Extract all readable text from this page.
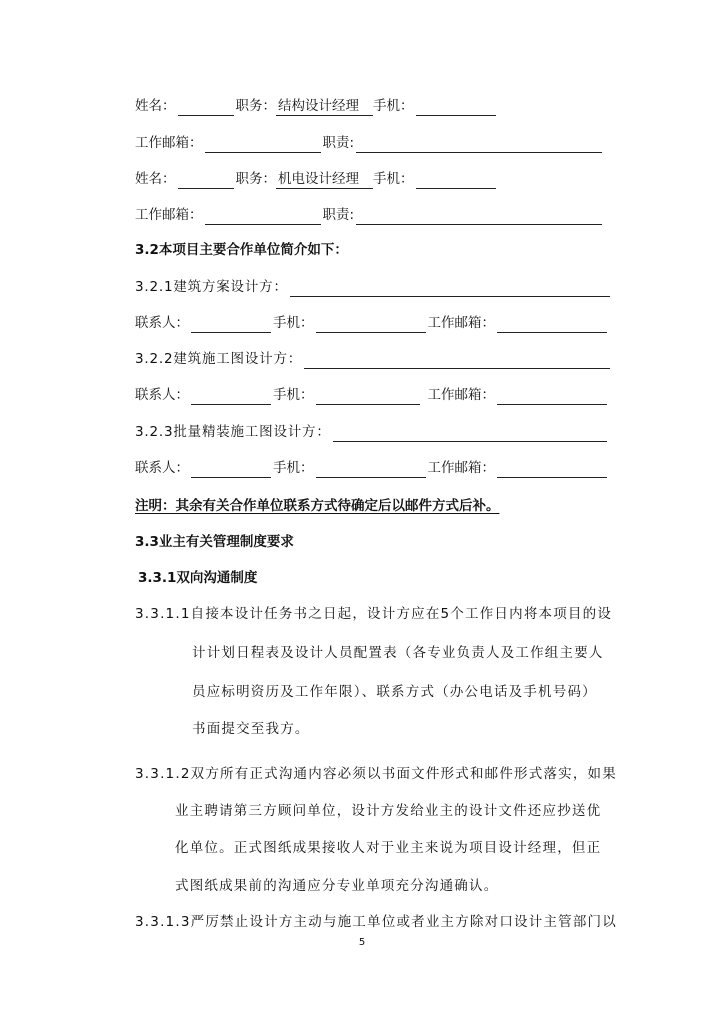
姓名：	职务： 结构设计经理	手机：
工作邮箱：	职责:
姓名：	职务： 机电设计经理	手机：
工作邮箱：	职责:
3.2本项目主要合作单位简介如下：
3.2.1建筑方案设计方：
联系人：	手机：	工作邮箱：
3.2.2建筑施工图设计方：
联系人：	手机：	工作邮箱：
3.2.3批量精装施工图设计方：
联系人：	手机：	工作邮箱：
注明：其余有关合作单位联系方式待确定后以邮件方式后补。
3.3业主有关管理制度要求
3.3.1双向沟通制度
3.3.1.1自接本设计任务书之日起，设计方应在5个工作日内将本项目的设
计计划日程表及设计人员配置表（各专业负责人及工作组主要人
员应标明资历及工作年限）、联系方式（办公电话及手机号码）
书面提交至我方。
3.3.1.2双方所有正式沟通内容必须以书面文件形式和邮件形式落实，如果
业主聘请第三方顾问单位，设计方发给业主的设计文件还应抄送优
化单位。正式图纸成果接收人对于业主来说为项目设计经理，但正
式图纸成果前的沟通应分专业单项充分沟通确认。
3.3.1.3严厉禁止设计方主动与施工单位或者业主方除对口设计主管部门以
5
